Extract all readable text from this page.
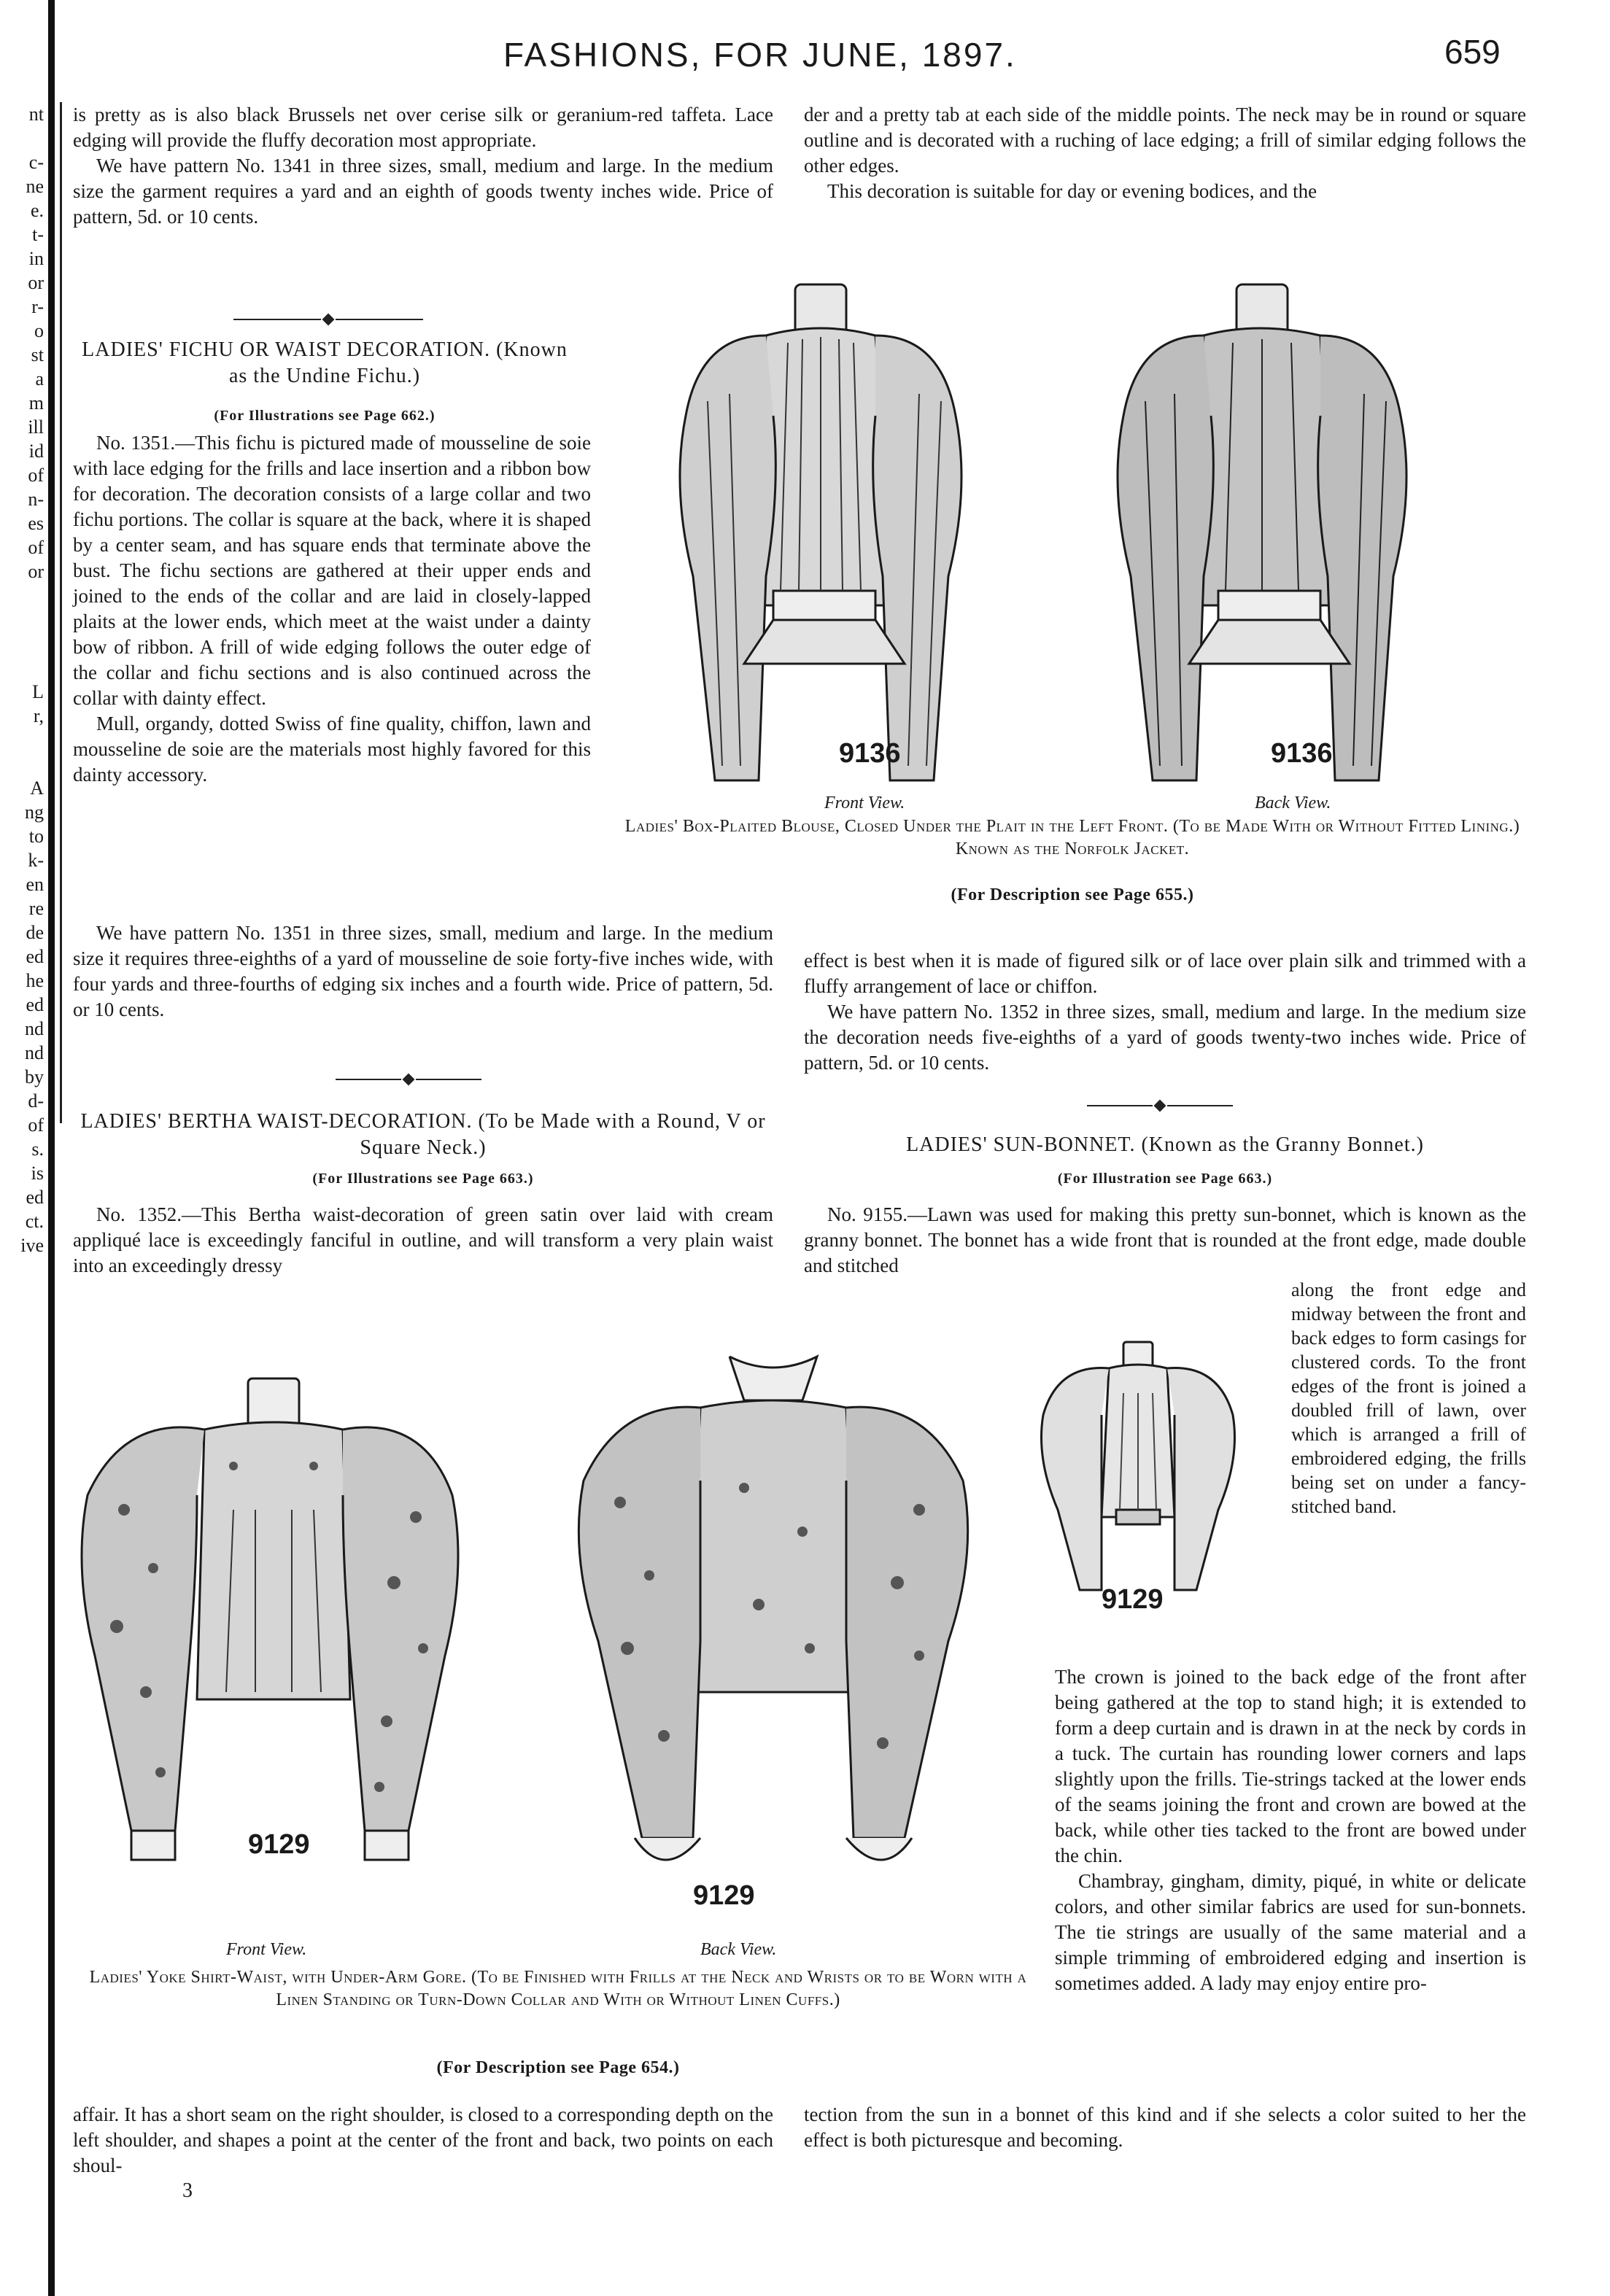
nt

c-
ne
e.
t-
in
or
r-
o
st
a
m
ill
id
of
n-
es
of
or

L
r,

A
ng
to
k-
en
re
de
ed
he
ed
nd
nd
by
d-
of
s.
is
ed
ct.
ive
FASHIONS, FOR JUNE, 1897.	659

is pretty as is also black Brussels net over cerise silk or geranium-red taffeta. Lace edging will provide the fluffy decoration most appropriate.

We have pattern No. 1341 in three sizes, small, medium and large. In the medium size the garment requires a yard and an eighth of goods twenty inches wide. Price of pattern, 5d. or 10 cents.

LADIES' FICHU OR WAIST DECORATION. (Known as the Undine Fichu.)
(For Illustrations see Page 662.)

No. 1351.—This fichu is pictured made of mousseline de soie with lace edging for the frills and lace insertion and a ribbon bow for decoration. The decoration consists of a large collar and two fichu portions. The collar is square at the back, where it is shaped by a center seam, and has square ends that terminate above the bust. The fichu sections are gathered at their upper ends and joined to the ends of the collar and are laid in closely-lapped plaits at the lower ends, which meet at the waist under a dainty bow of ribbon. A frill of wide edging follows the outer edge of the collar and fichu sections and is also continued across the collar with dainty effect.

Mull, organdy, dotted Swiss of fine quality, chiffon, lawn and mousseline de soie are the materials most highly favored for this dainty accessory.

We have pattern No. 1351 in three sizes, small, medium and large. In the medium size it requires three-eighths of a yard of mousseline de soie forty-five inches wide, with four yards and three-fourths of edging six inches and a fourth wide. Price of pattern, 5d. or 10 cents.

LADIES' BERTHA WAIST-DECORATION. (To be Made with a Round, V or Square Neck.)
(For Illustrations see Page 663.)

No. 1352.—This Bertha waist-decoration of green satin over laid with cream appliqué lace is exceedingly fanciful in outline, and will transform a very plain waist into an exceedingly dressy

der and a pretty tab at each side of the middle points. The neck may be in round or square outline and is decorated with a ruching of lace edging; a frill of similar edging follows the other edges.

This decoration is suitable for day or evening bodices, and the

9136	9136
Front View.	Back View.
Ladies' Box-Plaited Blouse, Closed Under the Plait in the Left Front. (To be Made With or Without Fitted Lining.) Known as the Norfolk Jacket.
(For Description see Page 655.)

effect is best when it is made of figured silk or of lace over plain silk and trimmed with a fluffy arrangement of lace or chiffon.

We have pattern No. 1352 in three sizes, small, medium and large. In the medium size the decoration needs five-eighths of a yard of goods twenty-two inches wide. Price of pattern, 5d. or 10 cents.

LADIES' SUN-BONNET. (Known as the Granny Bonnet.)
(For Illustration see Page 663.)

No. 9155.—Lawn was used for making this pretty sun-bonnet, which is known as the granny bonnet. The bonnet has a wide front that is rounded at the front edge, made double and stitched

along the front edge and midway between the front and back edges to form casings for clustered cords. To the front edges of the front is joined a doubled frill of lawn, over which is arranged a frill of embroidered edging, the frills being set on under a fancy-stitched band.

The crown is joined to the back edge of the front after being gathered at the top to stand high; it is extended to form a deep curtain and is drawn in at the neck by cords in a tuck. The curtain has rounding lower corners and laps slightly upon the frills. Tie-strings tacked at the lower ends of the seams joining the front and crown are bowed at the back, while other ties tacked to the front are bowed under the chin.

Chambray, gingham, dimity, piqué, in white or delicate colors, and other similar fabrics are used for sun-bonnets. The tie strings are usually of the same material and a simple trimming of embroidered edging and insertion is sometimes added. A lady may enjoy entire pro-

9129
9129
9129
Front View.	Back View.
Ladies' Yoke Shirt-Waist, with Under-Arm Gore. (To be Finished with Frills at the Neck and Wrists or to be Worn with a Linen Standing or Turn-Down Collar and With or Without Linen Cuffs.)
(For Description see Page 654.)

affair. It has a short seam on the right shoulder, is closed to a corresponding depth on the left shoulder, and shapes a point at the center of the front and back, two points on each shoul-

3

tection from the sun in a bonnet of this kind and if she selects a color suited to her the effect is both picturesque and becoming.
